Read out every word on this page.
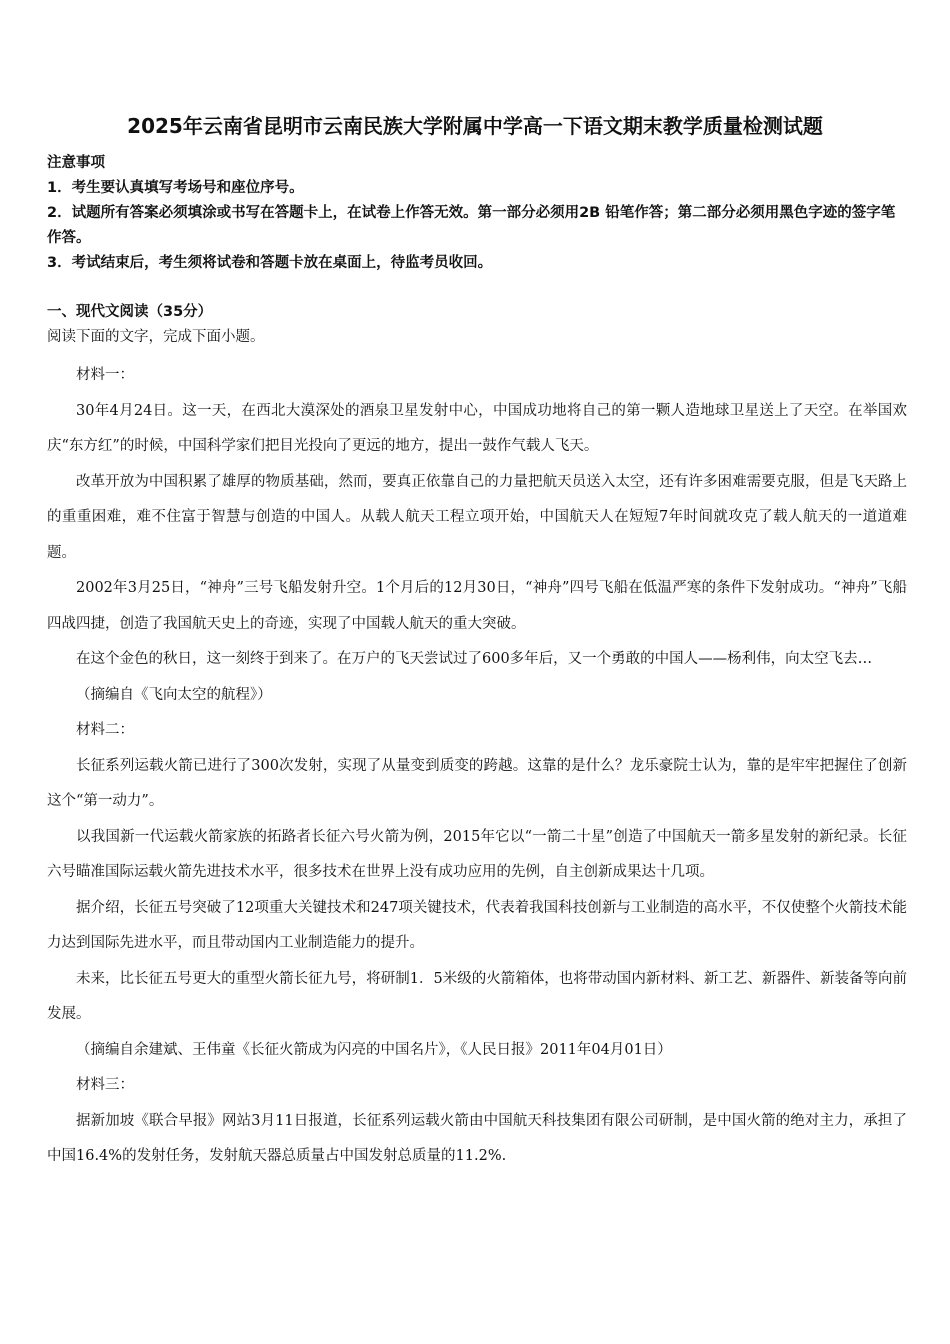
2025年云南省昆明市云南民族大学附属中学高一下语文期末教学质量检测试题
注意事项
1．考生要认真填写考场号和座位序号。
2．试题所有答案必须填涂或书写在答题卡上，在试卷上作答无效。第一部分必须用2B 铅笔作答；第二部分必须用黑色字迹的签字笔作答。
3．考试结束后，考生须将试卷和答题卡放在桌面上，待监考员收回。
一、现代文阅读（35分）
阅读下面的文字，完成下面小题。

材料一：

30年4月24日。这一天，在西北大漠深处的酒泉卫星发射中心，中国成功地将自己的第一颗人造地球卫星送上了天空。在举国欢庆“东方红”的时候，中国科学家们把目光投向了更远的地方，提出一鼓作气载人飞天。

改革开放为中国积累了雄厚的物质基础，然而，要真正依靠自己的力量把航天员送入太空，还有许多困难需要克服，但是飞天路上的重重困难，难不住富于智慧与创造的中国人。从载人航天工程立项开始，中国航天人在短短7年时间就攻克了载人航天的一道道难题。

2002年3月25日，“神舟”三号飞船发射升空。1个月后的12月30日，“神舟”四号飞船在低温严寒的条件下发射成功。“神舟”飞船四战四捷，创造了我国航天史上的奇迹，实现了中国载人航天的重大突破。

在这个金色的秋日，这一刻终于到来了。在万户的飞天尝试过了600多年后，又一个勇敢的中国人——杨利伟，向太空飞去…

（摘编自《飞向太空的航程》）

材料二：

长征系列运载火箭已进行了300次发射，实现了从量变到质变的跨越。这靠的是什么？龙乐豪院士认为，靠的是牢牢把握住了创新这个“第一动力”。

以我国新一代运载火箭家族的拓路者长征六号火箭为例，2015年它以“一箭二十星”创造了中国航天一箭多星发射的新纪录。长征六号瞄准国际运载火箭先进技术水平，很多技术在世界上没有成功应用的先例，自主创新成果达十几项。

据介绍，长征五号突破了12项重大关键技术和247项关键技术，代表着我国科技创新与工业制造的高水平，不仅使整个火箭技术能力达到国际先进水平，而且带动国内工业制造能力的提升。

未来，比长征五号更大的重型火箭长征九号，将研制1．5米级的火箭箱体，也将带动国内新材料、新工艺、新器件、新装备等向前发展。

（摘编自余建斌、王伟童《长征火箭成为闪亮的中国名片》，《人民日报》2011年04月01日）

材料三：

据新加坡《联合早报》网站3月11日报道，长征系列运载火箭由中国航天科技集团有限公司研制，是中国火箭的绝对主力，承担了中国16.4%的发射任务，发射航天器总质量占中国发射总质量的11.2%.
